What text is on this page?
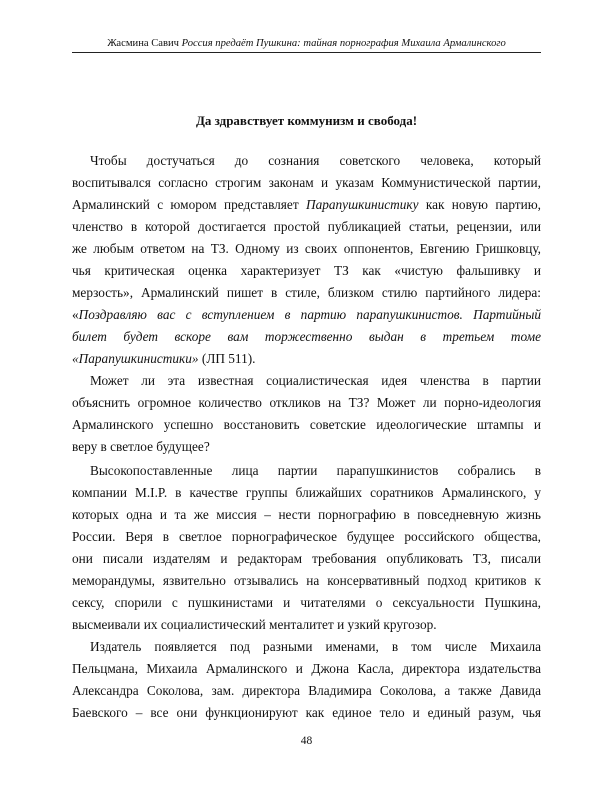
Жасмина Савич Россия предаёт Пушкина: тайная порнография Михаила Армалинского
Да здравствует коммунизм и свобода!
Чтобы достучаться до сознания советского человека, который
воспитывался согласно строгим законам и указам Коммунистической партии,
Армалинский с юмором представляет Парапушкинистику как новую партию,
членство в которой достигается простой публикацией статьи, рецензии, или
же любым ответом на ТЗ. Одному из своих оппонентов, Евгению Гришковцу,
чья критическая оценка характеризует ТЗ как «чистую фальшивку и
мерзость», Армалинский пишет в стиле, близком стилю партийного лидера:
«Поздравляю вас с вступлением в партию парапушкинистов. Партийный
билет будет вскоре вам торжественно выдан в третьем томе
«Парапушкинистики» (ЛП 511).
Может ли эта известная социалистическая идея членства в партии
объяснить огромное количество откликов на ТЗ? Может ли порно-идеология
Армалинского успешно восстановить советские идеологические штампы и
веру в светлое будущее?
Высокопоставленные лица партии парапушкинистов собрались в
компании M.I.P. в качестве группы ближайших соратников Армалинского, у
которых одна и та же миссия – нести порнографию в повседневную жизнь
России. Веря в светлое порнографическое будущее российского общества,
они писали издателям и редакторам требования опубликовать ТЗ, писали
меморандумы, язвительно отзывались на консервативный подход критиков к
сексу, спорили с пушкинистами и читателями о сексуальности Пушкина,
высмеивали их социалистический менталитет и узкий кругозор.
Издатель появляется под разными именами, в том числе Михаила
Пельцмана, Михаила Армалинского и Джона Касла, директора издательства
Александра Соколова, зам. директора Владимира Соколова, а также Давида
Баевского – все они функционируют как единое тело и единый разум, чья
48
